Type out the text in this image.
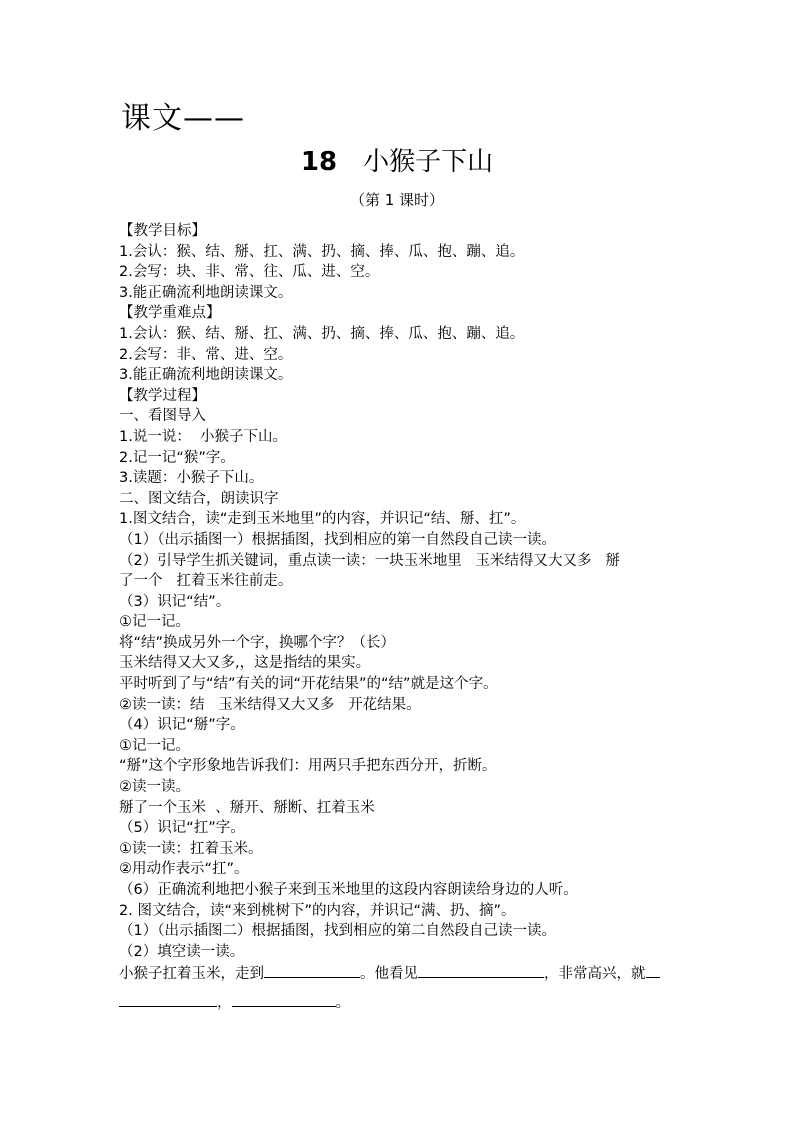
课文——
18 小猴子下山
（第 1 课时）

【教学目标】

1.会认：猴、结、掰、扛、满、扔、摘、捧、瓜、抱、蹦、追。

2.会写：块、非、常、往、瓜、进、空。

3.能正确流利地朗读课文。

【教学重难点】

1.会认：猴、结、掰、扛、满、扔、摘、捧、瓜、抱、蹦、追。

2.会写：非、常、进、空。

3.能正确流利地朗读课文。

【教学过程】

一、看图导入

1.说一说：  小猴子下山。

2.记一记“猴”字。

3.读题：小猴子下山。

二、图文结合，朗读识字

1.图文结合，读“走到玉米地里”的内容，并识记“结、掰、扛”。

（1）（出示插图一）根据插图，找到相应的第一自然段自己读一读。

（2）引导学生抓关键词，重点读一读：一块玉米地里   玉米结得又大又多   掰

了一个   扛着玉米往前走。

（3）识记“结”。

①记一记。

将“结”换成另外一个字，换哪个字？（长）

玉米结得又大又多,，这是指结的果实。

平时听到了与“结”有关的词“开花结果”的“结”就是这个字。

②读一读：结   玉米结得又大又多   开花结果。

（4）识记“掰”字。

①记一记。

“掰”这个字形象地告诉我们：用两只手把东西分开，折断。

②读一读。

掰了一个玉米  、掰开、掰断、扛着玉米

（5）识记“扛”字。

①读一读：扛着玉米。

②用动作表示“扛”。

（6）正确流利地把小猴子来到玉米地里的这段内容朗读给身边的人听。

2. 图文结合，读“来到桃树下”的内容，并识记“满、扔、摘”。

（1）（出示插图二）根据插图，找到相应的第二自然段自己读一读。

（2）填空读一读。

小猴子扛着玉米，走到	。他看见	，非常高兴，就

，	。
